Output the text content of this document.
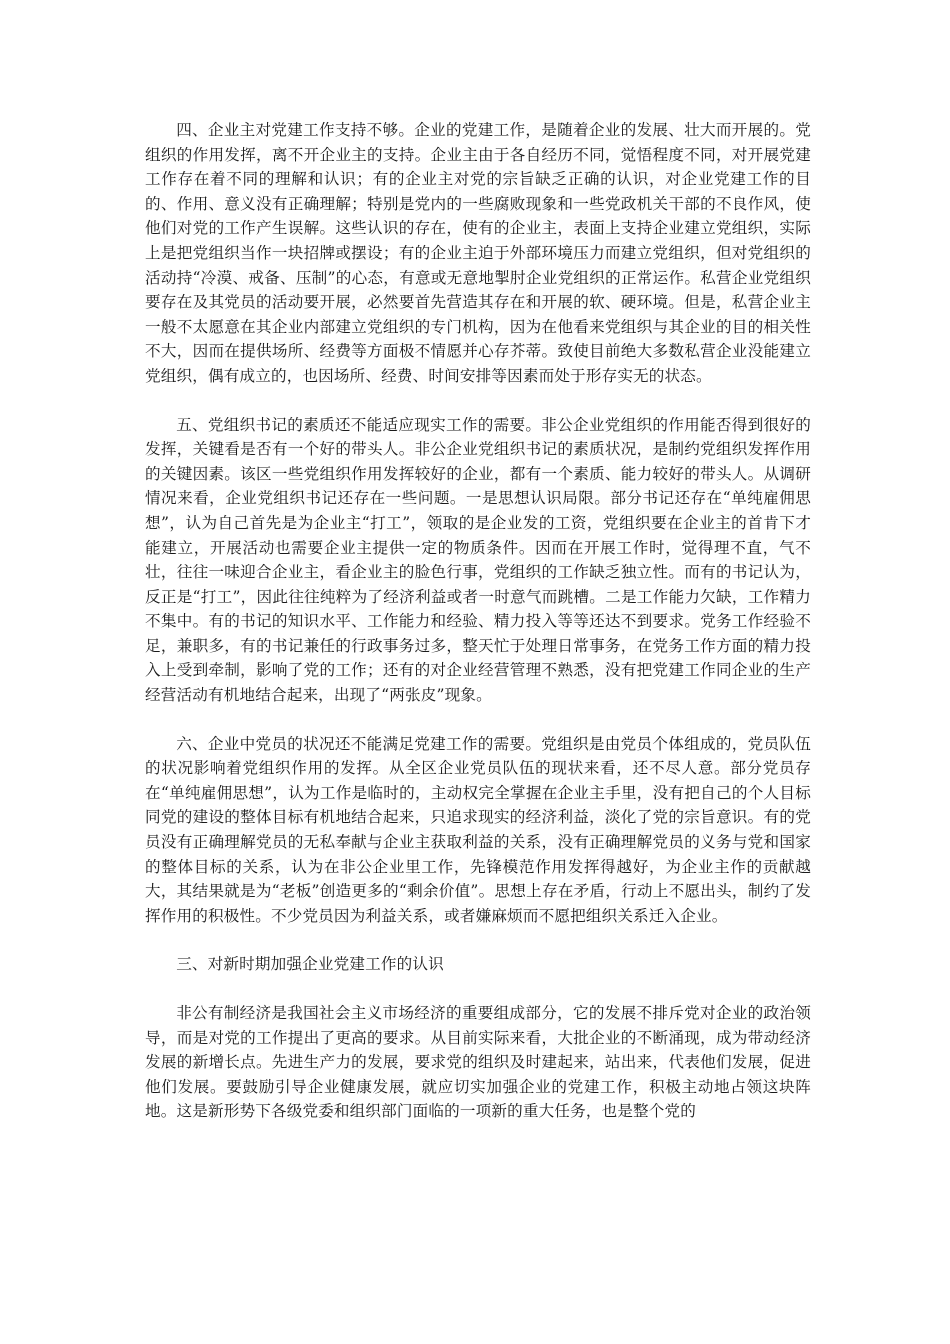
四、企业主对党建工作支持不够。企业的党建工作，是随着企业的发展、壮大而开展的。党组织的作用发挥，离不开企业主的支持。企业主由于各自经历不同，觉悟程度不同，对开展党建工作存在着不同的理解和认识；有的企业主对党的宗旨缺乏正确的认识，对企业党建工作的目的、作用、意义没有正确理解；特别是党内的一些腐败现象和一些党政机关干部的不良作风，使他们对党的工作产生误解。这些认识的存在，使有的企业主，表面上支持企业建立党组织，实际上是把党组织当作一块招牌或摆设；有的企业主迫于外部环境压力而建立党组织，但对党组织的活动持“冷漠、戒备、压制”的心态，有意或无意地掣肘企业党组织的正常运作。私营企业党组织要存在及其党员的活动要开展，必然要首先营造其存在和开展的软、硬环境。但是，私营企业主一般不太愿意在其企业内部建立党组织的专门机构，因为在他看来党组织与其企业的目的相关性不大，因而在提供场所、经费等方面极不情愿并心存芥蒂。致使目前绝大多数私营企业没能建立党组织，偶有成立的，也因场所、经费、时间安排等因素而处于形存实无的状态。

五、党组织书记的素质还不能适应现实工作的需要。非公企业党组织的作用能否得到很好的发挥，关键看是否有一个好的带头人。非公企业党组织书记的素质状况，是制约党组织发挥作用的关键因素。该区一些党组织作用发挥较好的企业，都有一个素质、能力较好的带头人。从调研情况来看，企业党组织书记还存在一些问题。一是思想认识局限。部分书记还存在“单纯雇佣思想”，认为自己首先是为企业主“打工”，领取的是企业发的工资，党组织要在企业主的首肯下才能建立，开展活动也需要企业主提供一定的物质条件。因而在开展工作时，觉得理不直，气不壮，往往一味迎合企业主，看企业主的脸色行事，党组织的工作缺乏独立性。而有的书记认为，反正是“打工”，因此往往纯粹为了经济利益或者一时意气而跳槽。二是工作能力欠缺，工作精力不集中。有的书记的知识水平、工作能力和经验、精力投入等等还达不到要求。党务工作经验不足，兼职多，有的书记兼任的行政事务过多，整天忙于处理日常事务，在党务工作方面的精力投入上受到牵制，影响了党的工作；还有的对企业经营管理不熟悉，没有把党建工作同企业的生产经营活动有机地结合起来，出现了“两张皮”现象。

六、企业中党员的状况还不能满足党建工作的需要。党组织是由党员个体组成的，党员队伍的状况影响着党组织作用的发挥。从全区企业党员队伍的现状来看，还不尽人意。部分党员存在“单纯雇佣思想”，认为工作是临时的，主动权完全掌握在企业主手里，没有把自己的个人目标同党的建设的整体目标有机地结合起来，只追求现实的经济利益，淡化了党的宗旨意识。有的党员没有正确理解党员的无私奉献与企业主获取利益的关系，没有正确理解党员的义务与党和国家的整体目标的关系，认为在非公企业里工作，先锋模范作用发挥得越好，为企业主作的贡献越大，其结果就是为“老板”创造更多的“剩余价值”。思想上存在矛盾，行动上不愿出头，制约了发挥作用的积极性。不少党员因为利益关系，或者嫌麻烦而不愿把组织关系迁入企业。

三、对新时期加强企业党建工作的认识

非公有制经济是我国社会主义市场经济的重要组成部分，它的发展不排斥党对企业的政治领导，而是对党的工作提出了更高的要求。从目前实际来看，大批企业的不断涌现，成为带动经济发展的新增长点。先进生产力的发展，要求党的组织及时建起来，站出来，代表他们发展，促进他们发展。要鼓励引导企业健康发展，就应切实加强企业的党建工作，积极主动地占领这块阵地。这是新形势下各级党委和组织部门面临的一项新的重大任务，也是整个党的
